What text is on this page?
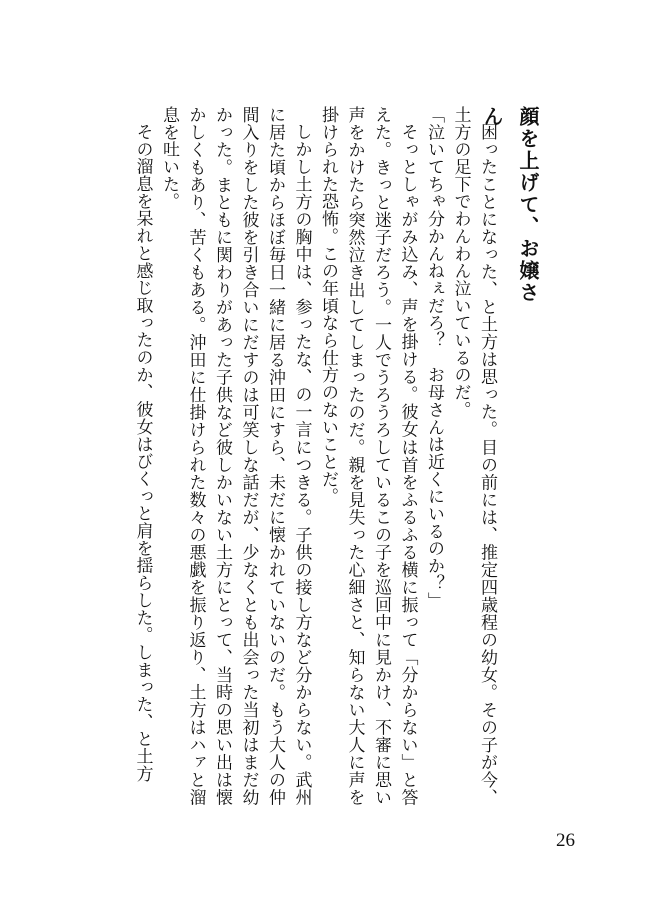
顔を上げて、お嬢さん

困ったことになった、と土方は思った。目の前には、推定四歳程の幼女。その子が今、土方の足下でわんわん泣いているのだ。

「泣いてちゃ分かんねぇだろ？　お母さんは近くにいるのか？」

そっとしゃがみ込み、声を掛ける。彼女は首をふるふる横に振って「分からない」と答えた。きっと迷子だろう。一人でうろうろしているこの子を巡回中に見かけ、不審に思い声をかけたら突然泣き出してしまったのだ。親を見失った心細さと、知らない大人に声を掛けられた恐怖。この年頃なら仕方のないことだ。

しかし土方の胸中は、参ったな、の一言につきる。子供の接し方など分からない。武州に居た頃からほぼ毎日一緒に居る沖田にすら、未だに懐かれていないのだ。もう大人の仲間入りをした彼を引き合いにだすのは可笑しな話だが、少なくとも出会った当初はまだ幼かった。まともに関わりがあった子供など彼しかいない土方にとって、当時の思い出は懐かしくもあり、苦くもある。沖田に仕掛けられた数々の悪戯を振り返り、土方はハァと溜息を吐いた。

その溜息を呆れと感じ取ったのか、彼女はびくっと肩を揺らした。しまった、と土方

26
